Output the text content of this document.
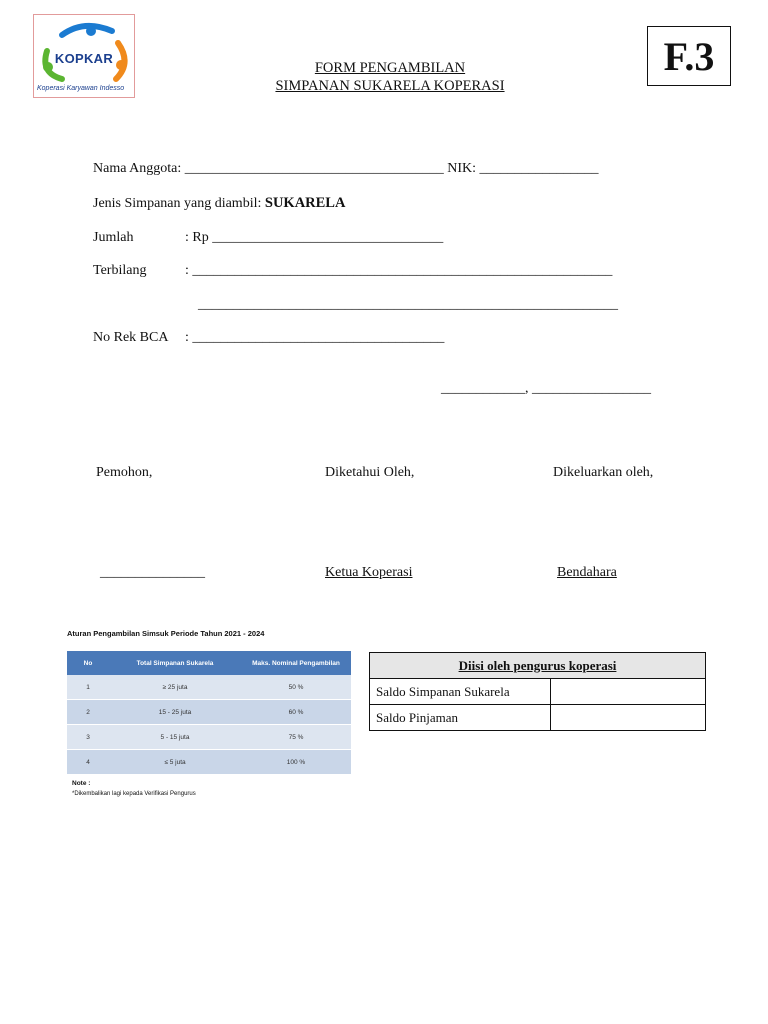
KOPKAR
Koperasi Karyawan Indesso
F.3
FORM PENGAMBILAN
SIMPANAN SUKARELA KOPERASI
Nama Anggota: _____________________________________ NIK: _________________
Jenis Simpanan yang diambil: SUKARELA
Jumlah	: Rp _________________________________
Terbilang	: ____________________________________________________________
____________________________________________________________
No Rek BCA : ____________________________________
____________, _________________
Pemohon,	Diketahui Oleh,	Dikeluarkan oleh,
_______________	Ketua Koperasi	Bendahara
Aturan Pengambilan Simsuk Periode Tahun 2021 - 2024
No	Total Simpanan Sukarela	Maks. Nominal Pengambilan
1	≥ 25 juta	50 %
2	15 - 25 juta	60 %
3	5 - 15 juta	75 %
4	≤ 5 juta	100 %
Note :
*Dikembalikan lagi kepada Verifikasi Pengurus
Diisi oleh pengurus koperasi	
Saldo Simpanan Sukarela	
Saldo Pinjaman	
